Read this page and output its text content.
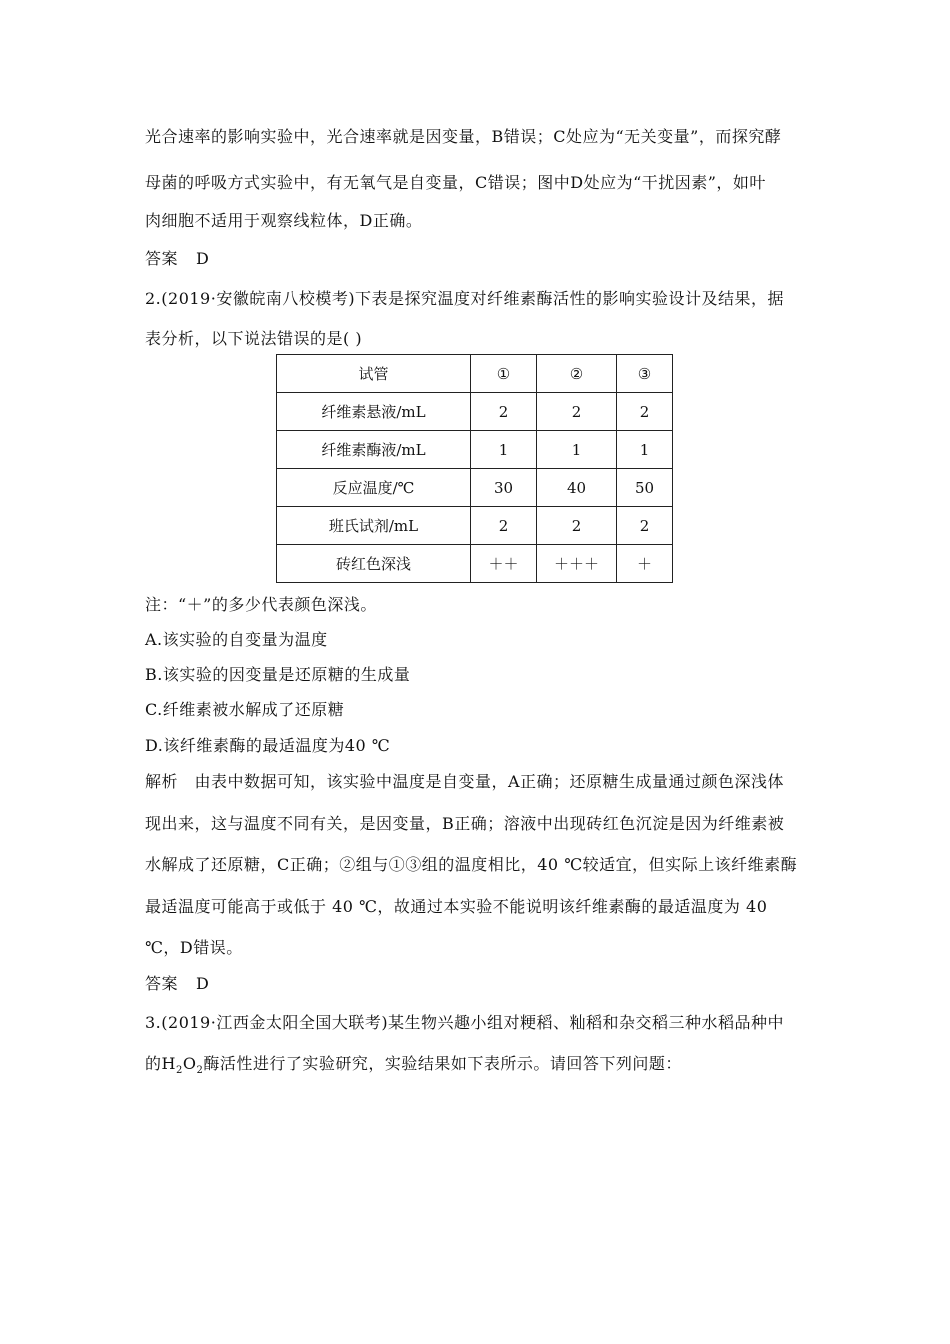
光合速率的影响实验中，光合速率就是因变量，B错误；C处应为“无关变量”，而探究酵
母菌的呼吸方式实验中，有无氧气是自变量，C错误；图中D处应为“干扰因素”，如叶
肉细胞不适用于观察线粒体，D正确。
答案 D
2.(2019·安徽皖南八校模考)下表是探究温度对纤维素酶活性的影响实验设计及结果，据
表分析，以下说法错误的是( )
试管	①	②	③
纤维素悬液/mL	2	2	2
纤维素酶液/mL	1	1	1
反应温度/℃	30	40	50
班氏试剂/mL	2	2	2
砖红色深浅	＋＋	＋＋＋	＋
注：“＋”的多少代表颜色深浅。
A.该实验的自变量为温度
B.该实验的因变量是还原糖的生成量
C.纤维素被水解成了还原糖
D.该纤维素酶的最适温度为40 ℃
解析　由表中数据可知，该实验中温度是自变量，A正确；还原糖生成量通过颜色深浅体
现出来，这与温度不同有关，是因变量，B正确；溶液中出现砖红色沉淀是因为纤维素被
水解成了还原糖，C正确；②组与①③组的温度相比，40 ℃较适宜，但实际上该纤维素酶
最适温度可能高于或低于 40 ℃，故通过本实验不能说明该纤维素酶的最适温度为 40
℃，D错误。
答案 D
3.(2019·江西金太阳全国大联考)某生物兴趣小组对粳稻、籼稻和杂交稻三种水稻品种中
的$H_2O_2$酶活性进行了实验研究，实验结果如下表所示。请回答下列问题：
